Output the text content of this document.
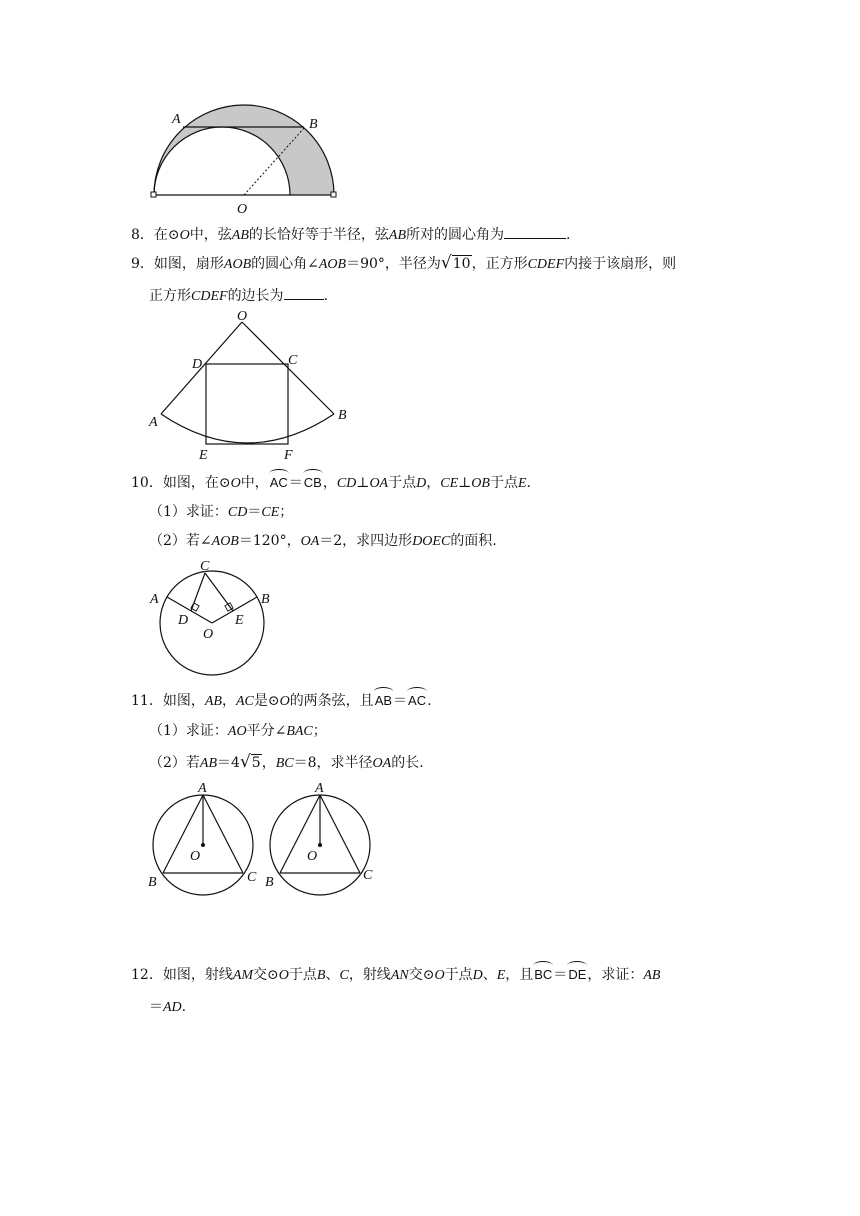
A	B
O
8．在⊙O中，弦AB的长恰好等于半径，弦AB所对的圆心角为	.
9．如图，扇形AOB的圆心角∠AOB＝90°，半径为√10，正方形CDEF内接于该扇形，则
正方形CDEF的边长为	.
O
D	C
A	B
E	F
10．如图，在⊙O中，AC＝CB，CD⊥OA于点D，CE⊥OB于点E.
（1）求证：CD＝CE；
（2）若∠AOB＝120°，OA＝2，求四边形DOEC的面积.
C
A	B
D	E
O
11．如图，AB，AC是⊙O的两条弦，且AB＝AC.
（1）求证：AO平分∠BAC；
（2）若AB＝4√5，BC＝8，求半径OA的长.
A
O
B	C
A
O
B	C
12．如图，射线AM交⊙O于点B、C，射线AN交⊙O于点D、E，且BC＝DE，求证：AB
＝AD.
